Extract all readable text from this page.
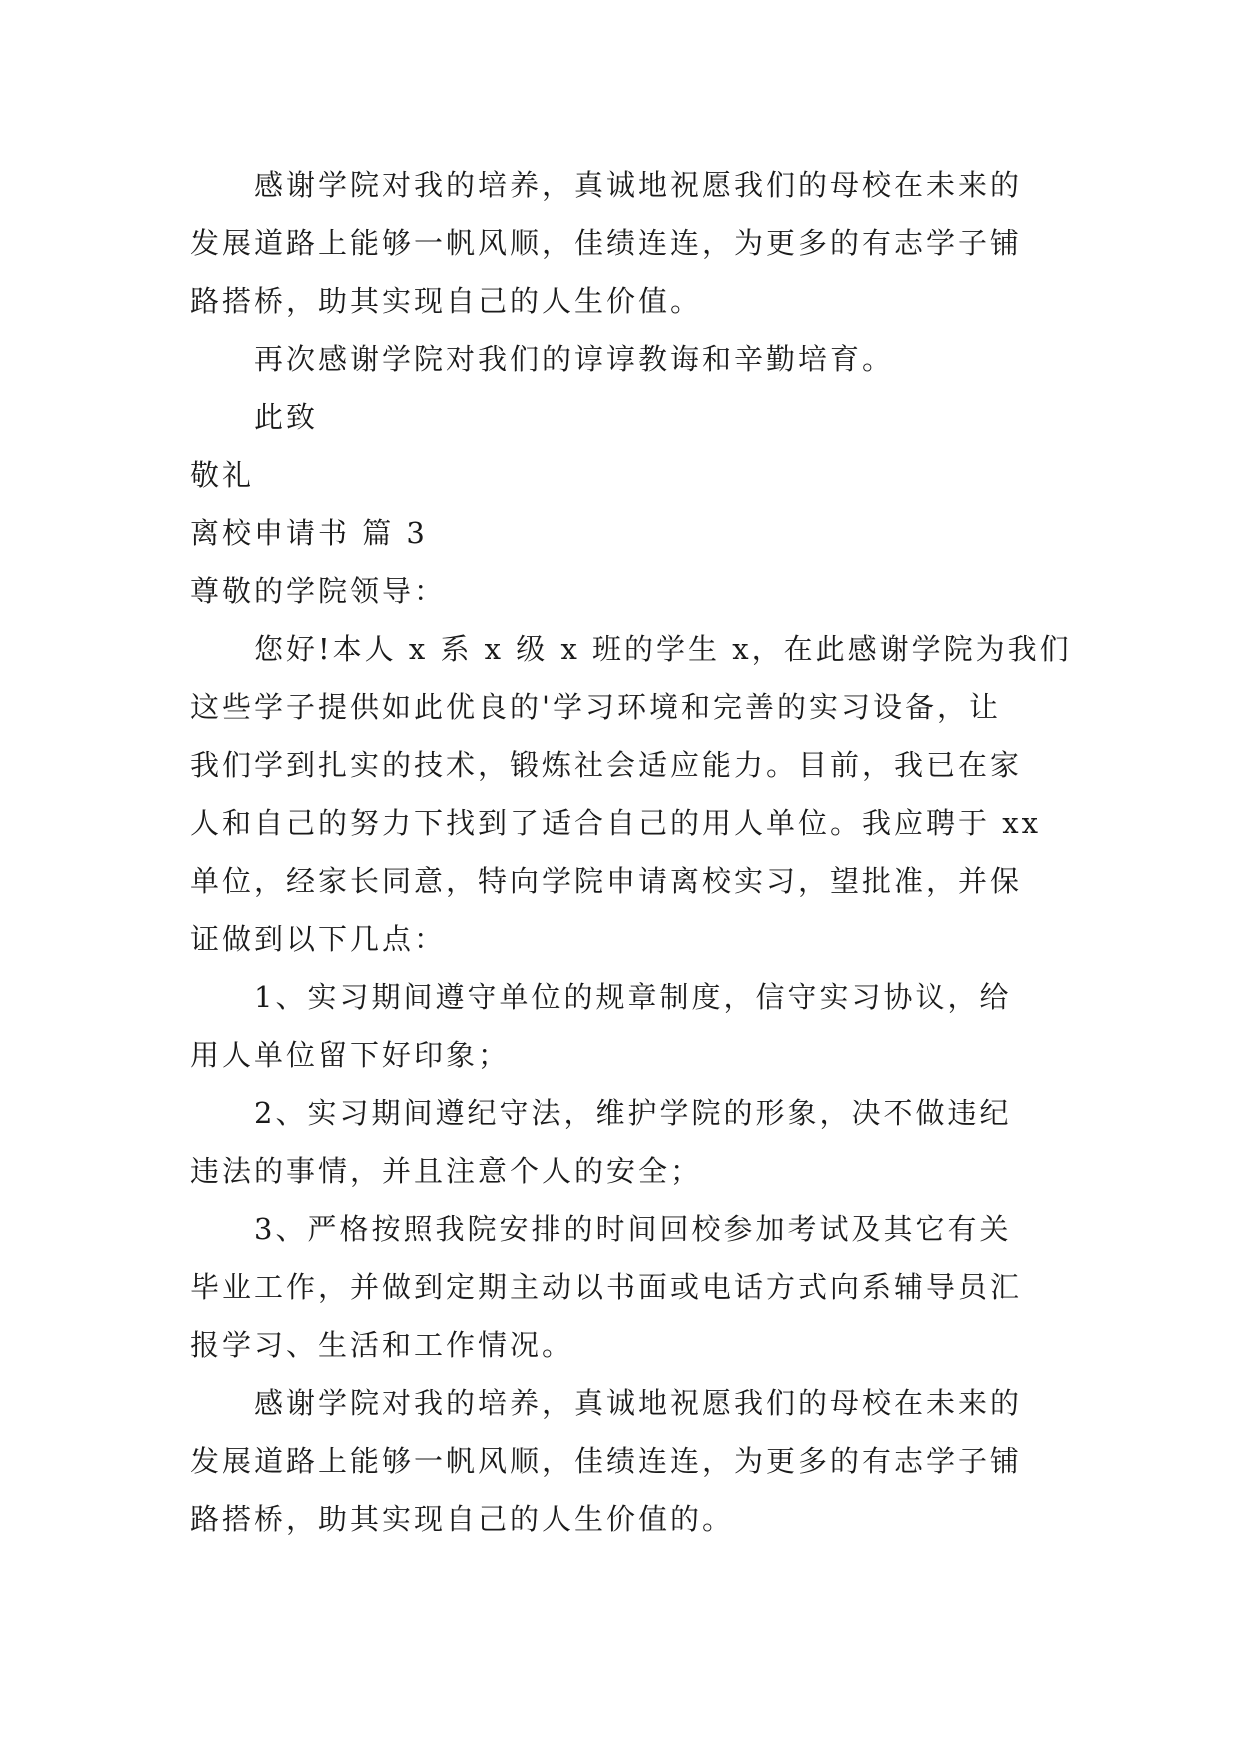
感谢学院对我的培养，真诚地祝愿我们的母校在未来的
发展道路上能够一帆风顺，佳绩连连，为更多的有志学子铺
路搭桥，助其实现自己的人生价值。
再次感谢学院对我们的谆谆教诲和辛勤培育。
此致
敬礼
离校申请书 篇 3
尊敬的学院领导：
您好!本人 x 系 x 级 x 班的学生 x，在此感谢学院为我们
这些学子提供如此优良的'学习环境和完善的实习设备，让
我们学到扎实的技术，锻炼社会适应能力。目前，我已在家
人和自己的努力下找到了适合自己的用人单位。我应聘于 xx
单位，经家长同意，特向学院申请离校实习，望批准，并保
证做到以下几点：
1、实习期间遵守单位的规章制度，信守实习协议，给
用人单位留下好印象；
2、实习期间遵纪守法，维护学院的形象，决不做违纪
违法的事情，并且注意个人的安全；
3、严格按照我院安排的时间回校参加考试及其它有关
毕业工作，并做到定期主动以书面或电话方式向系辅导员汇
报学习、生活和工作情况。
感谢学院对我的培养，真诚地祝愿我们的母校在未来的
发展道路上能够一帆风顺，佳绩连连，为更多的有志学子铺
路搭桥，助其实现自己的人生价值的。
